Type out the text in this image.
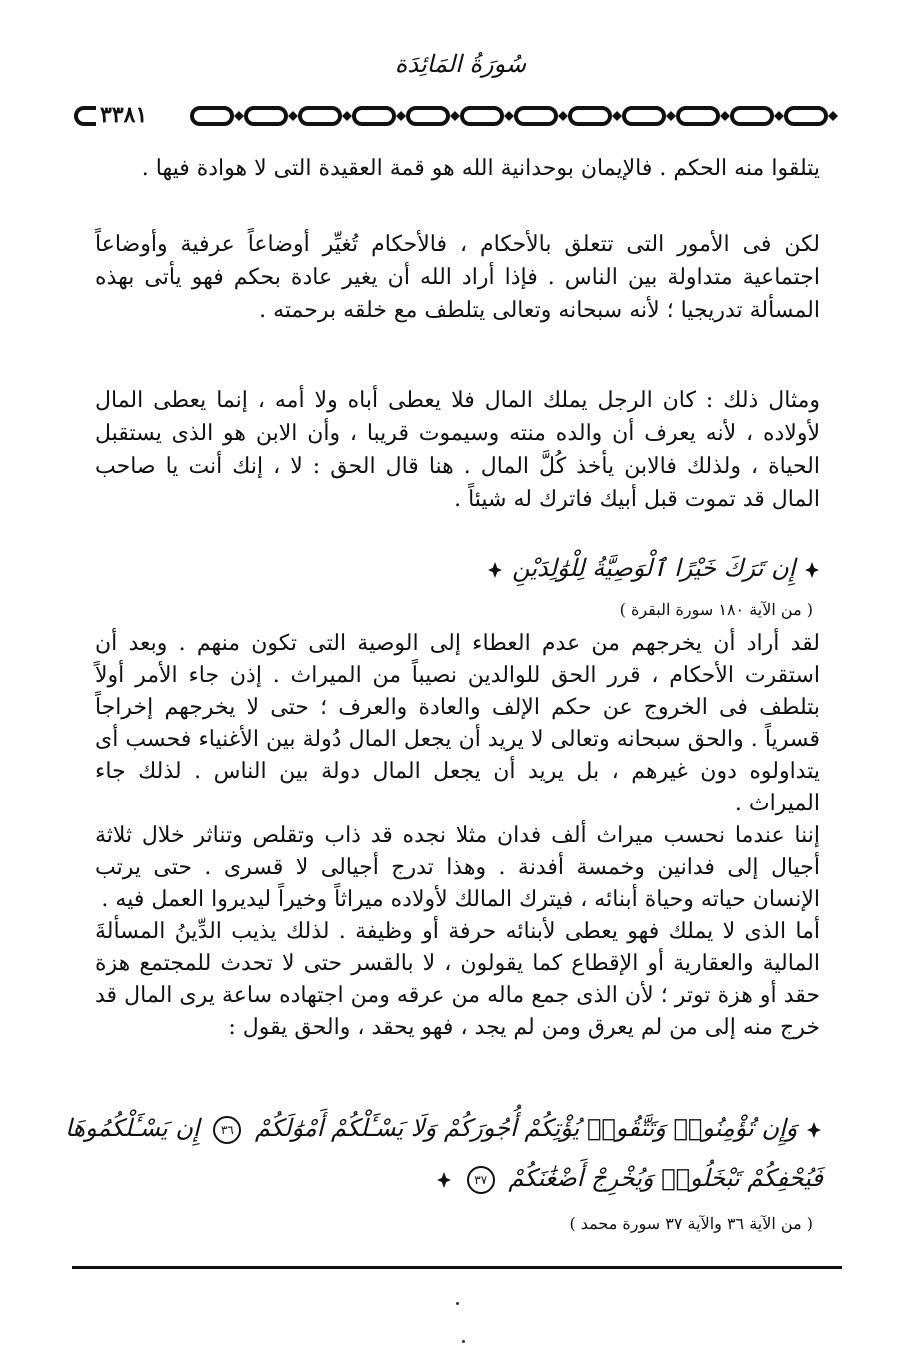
سُورَةُ المَائِدَة
٣٣٨١

يتلقوا منه الحكم . فالإيمان بوحدانية الله هو قمة العقيدة التى لا هوادة فيها .

لكن فى الأمور التى تتعلق بالأحكام ، فالأحكام تُغيِّر أوضاعاً عرفية وأوضاعاً اجتماعية متداولة بين الناس . فإذا أراد الله أن يغير عادة بحكم فهو يأتى بهذه المسألة تدريجيا ؛ لأنه سبحانه وتعالى يتلطف مع خلقه برحمته .

ومثال ذلك : كان الرجل يملك المال فلا يعطى أباه ولا أمه ، إنما يعطى المال لأولاده ، لأنه يعرف أن والده منته وسيموت قريبا ، وأن الابن هو الذى يستقبل الحياة ، ولذلك فالابن يأخذ كُلَّ المال . هنا قال الحق : لا ، إنك أنت يا صاحب المال قد تموت قبل أبيك فاترك له شيئاً .

إِن تَرَكَ خَيْرًا ٱلْوَصِيَّةُ لِلْوَٰلِدَيْنِ
( من الآية ١٨٠ سورة البقرة )

لقد أراد أن يخرجهم من عدم العطاء إلى الوصية التى تكون منهم . وبعد أن استقرت الأحكام ، قرر الحق للوالدين نصيباً من الميراث . إذن جاء الأمر أولاً بتلطف فى الخروج عن حكم الإلف والعادة والعرف ؛ حتى لا يخرجهم إخراجاً قسرياً . والحق سبحانه وتعالى لا يريد أن يجعل المال دُولة بين الأغنياء فحسب أى يتداولوه دون غيرهم ، بل يريد أن يجعل المال دولة بين الناس . لذلك جاء الميراث .

إننا عندما نحسب ميراث ألف فدان مثلا نجده قد ذاب وتقلص وتناثر خلال ثلاثة أجيال إلى فدانين وخمسة أفدنة . وهذا تدرج أجيالى لا قسرى . حتى يرتب الإنسان حياته وحياة أبنائه ، فيترك المالك لأولاده ميراثاً وخيراً ليديروا العمل فيه .

أما الذى لا يملك فهو يعطى لأبنائه حرفة أو وظيفة . لذلك يذيب الدِّينُ المسألةَ المالية والعقارية أو الإقطاع كما يقولون ، لا بالقسر حتى لا تحدث للمجتمع هزة حقد أو هزة توتر ؛ لأن الذى جمع ماله من عرقه ومن اجتهاده ساعة يرى المال قد خرج منه إلى من لم يعرق ومن لم يجد ، فهو يحقد ، والحق يقول :

وَإِن تُؤْمِنُوا۟ وَتَتَّقُوا۟ يُؤْتِكُمْ أُجُورَكُمْ وَلَا يَسْـَٔلْكُمْ أَمْوَٰلَكُمْ ٣٦ إِن يَسْـَٔلْكُمُوهَا
فَيُحْفِكُمْ تَبْخَلُوا۟ وَيُخْرِجْ أَضْغَٰنَكُمْ ٣٧
( من الآية ٣٦ والآية ٣٧ سورة محمد )
